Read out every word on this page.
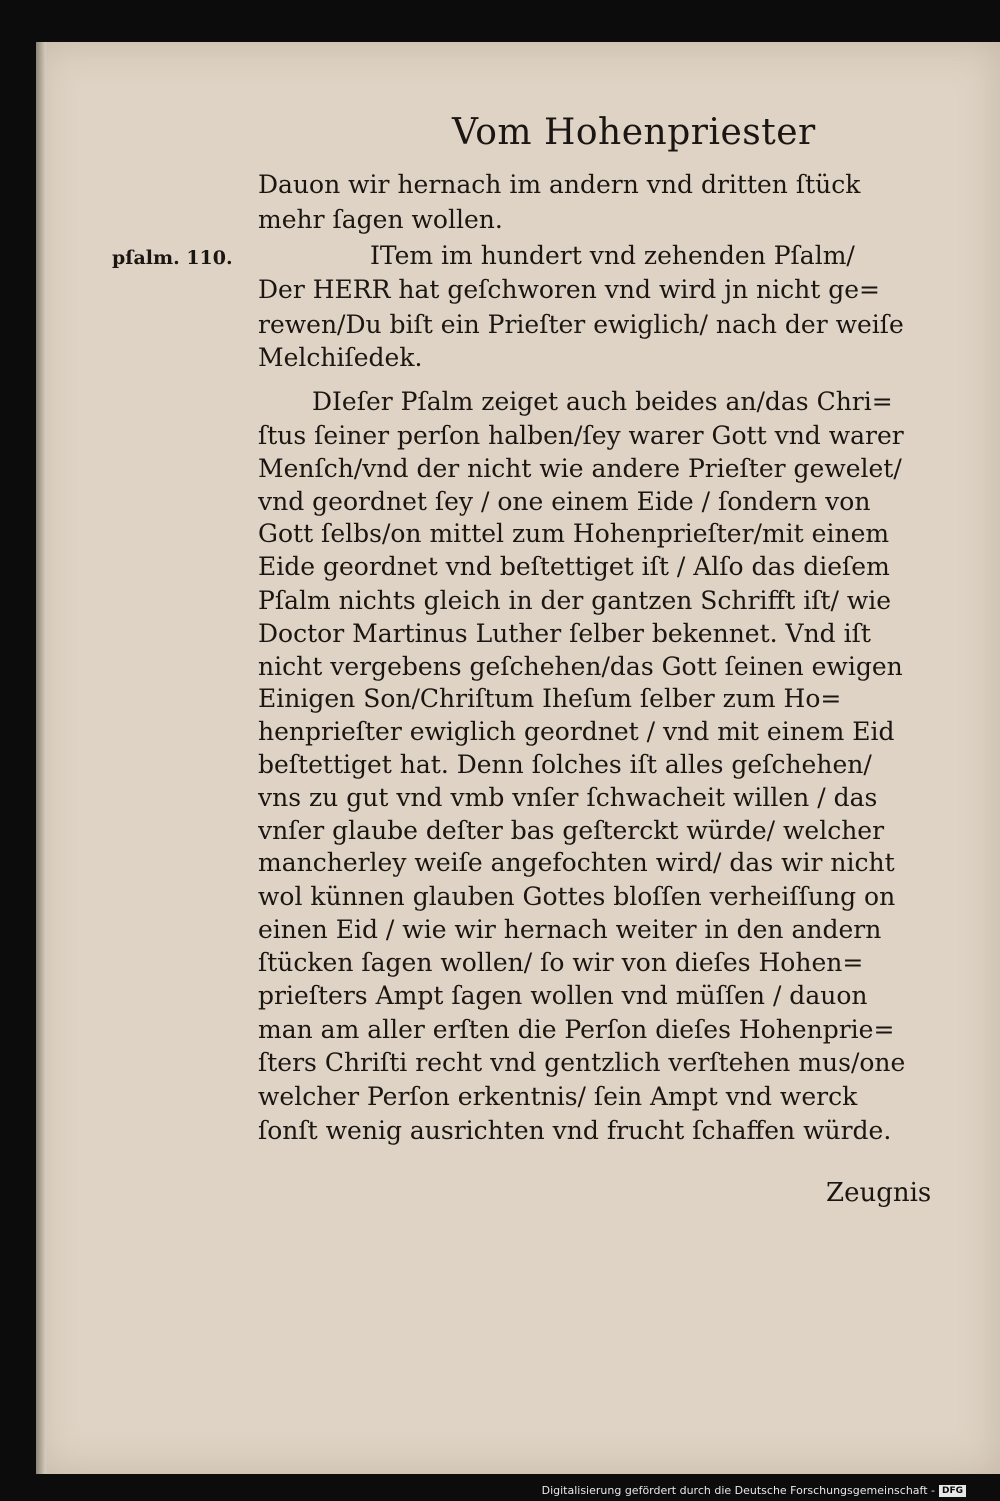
Vom Hohenpriester
pſalm. 110.
Dauon wir hernach im andern vnd dritten ſtück
mehr ſagen wollen.
ITem im hundert vnd zehenden Pſalm/
Der HERR hat geſchworen vnd wird jn nicht ge=
rewen/Du biſt ein Prieſter ewiglich/ nach der weiſe
Melchiſedek.
DIeſer Pſalm zeiget auch beides an/das Chri=
ſtus ſeiner perſon halben/ſey warer Gott vnd warer
Menſch/vnd der nicht wie andere Prieſter gewelet/
vnd geordnet ſey / one einem Eide / ſondern von
Gott ſelbs/on mittel zum Hohenprieſter/mit einem
Eide geordnet vnd beſtettiget iſt / Alſo das dieſem
Pſalm nichts gleich in der gantzen Schrifft iſt/ wie
Doctor Martinus Luther ſelber bekennet. Vnd iſt
nicht vergebens geſchehen/das Gott ſeinen ewigen
Einigen Son/Chriſtum Iheſum ſelber zum Ho=
henprieſter ewiglich geordnet / vnd mit einem Eid
beſtettiget hat. Denn ſolches iſt alles geſchehen/
vns zu gut vnd vmb vnſer ſchwacheit willen / das
vnſer glaube deſter bas geſterckt würde/ welcher
mancherley weiſe angefochten wird/ das wir nicht
wol künnen glauben Gottes bloſſen verheiſſung on
einen Eid / wie wir hernach weiter in den andern
ſtücken ſagen wollen/ ſo wir von dieſes Hohen=
prieſters Ampt ſagen wollen vnd müſſen / dauon
man am aller erſten die Perſon dieſes Hohenprie=
ſters Chriſti recht vnd gentzlich verſtehen mus/one
welcher Perſon erkentnis/ ſein Ampt vnd werck
ſonſt wenig ausrichten vnd frucht ſchaffen würde.
Zeugnis
Digitalisierung gefördert durch die Deutsche Forschungsgemeinschaft - DFG
